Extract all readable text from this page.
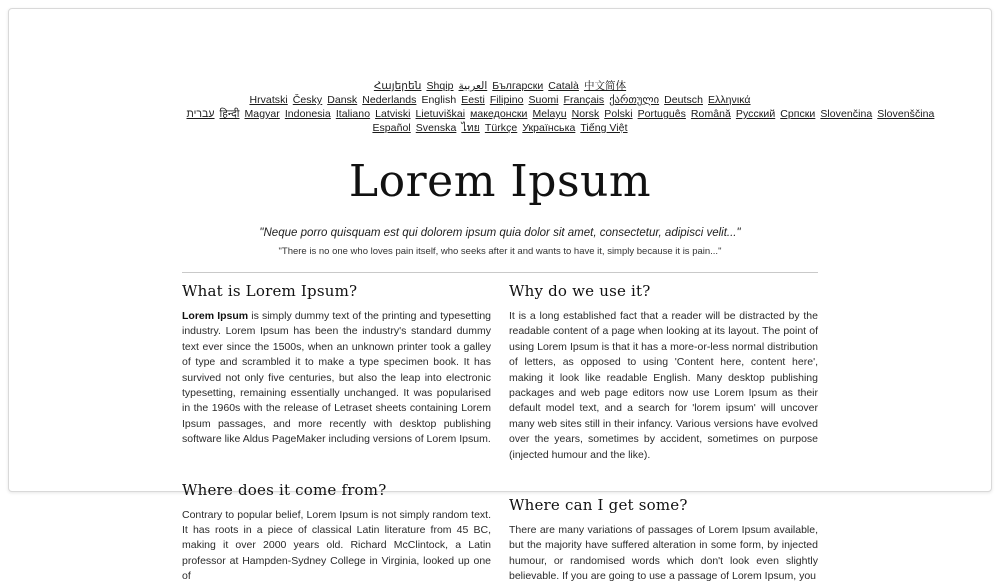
Հայերեն Shqip العربية Български Català 中文简体Hrvatski Česky Dansk Nederlands English Eesti Filipino Suomi Français ქართული Deutsch Ελληνικά
עברית हिन्दी Magyar Indonesia Italiano Latviski Lietuviškai македонски Melayu Norsk Polski Português Română Русский Српски Slovenčina Slovenščina
Español Svenska ไทย Türkçe Українська Tiếng Việt
Lorem Ipsum

"Neque porro quisquam est qui dolorem ipsum quia dolor sit amet, consectetur, adipisci velit..."

"There is no one who loves pain itself, who seeks after it and wants to have it, simply because it is pain..."

What is Lorem Ipsum?

Lorem Ipsum is simply dummy text of the printing and typesetting industry. Lorem Ipsum has been the industry's standard dummy text ever since the 1500s, when an unknown printer took a galley of type and scrambled it to make a type specimen book. It has survived not only five centuries, but also the leap into electronic typesetting, remaining essentially unchanged. It was popularised in the 1960s with the release of Letraset sheets containing Lorem Ipsum passages, and more recently with desktop publishing software like Aldus PageMaker including versions of Lorem Ipsum.

Where does it come from?

Contrary to popular belief, Lorem Ipsum is not simply random text. It has roots in a piece of classical Latin literature from 45 BC, making it over 2000 years old. Richard McClintock, a Latin professor at Hampden-Sydney College in Virginia, looked up one of

Why do we use it?

It is a long established fact that a reader will be distracted by the readable content of a page when looking at its layout. The point of using Lorem Ipsum is that it has a more-or-less normal distribution of letters, as opposed to using 'Content here, content here', making it look like readable English. Many desktop publishing packages and web page editors now use Lorem Ipsum as their default model text, and a search for 'lorem ipsum' will uncover many web sites still in their infancy. Various versions have evolved over the years, sometimes by accident, sometimes on purpose (injected humour and the like).

Where can I get some?

There are many variations of passages of Lorem Ipsum available, but the majority have suffered alteration in some form, by injected humour, or randomised words which don't look even slightly believable. If you are going to use a passage of Lorem Ipsum, you
